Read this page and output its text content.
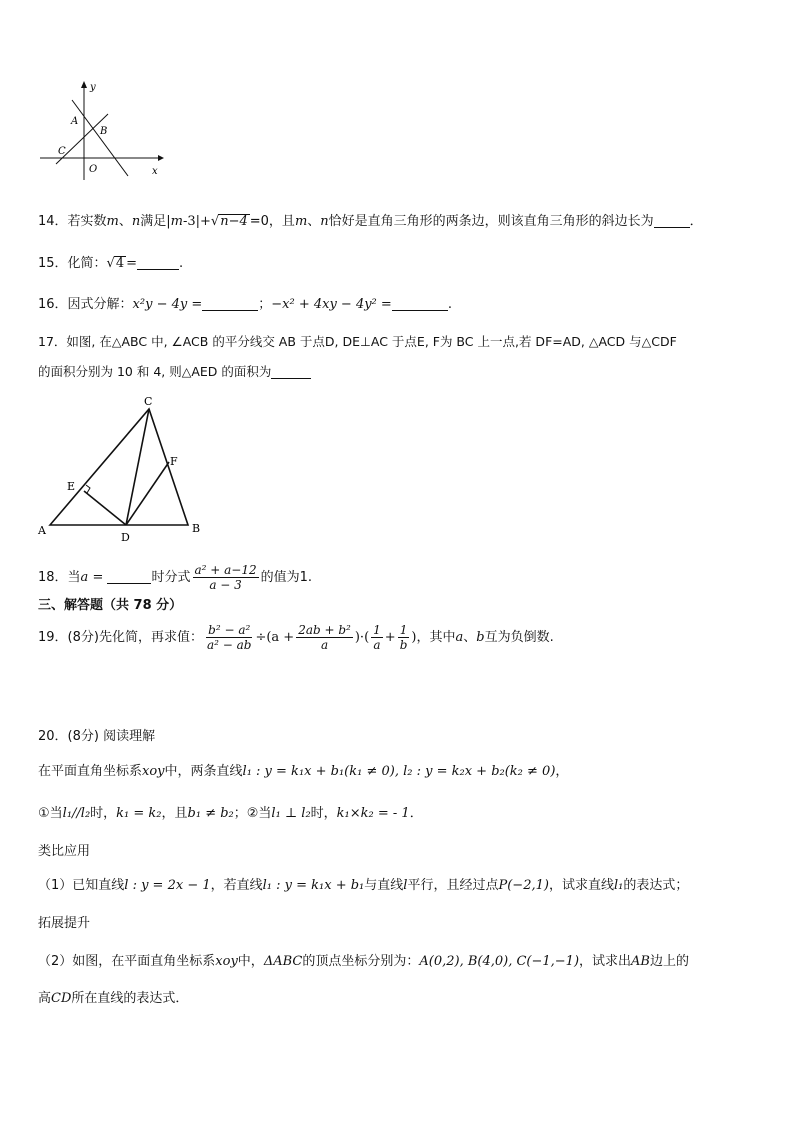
y
x
A
B
C
O
14．若实数m、n满足|m-3|+√n−4 =0，且m、n恰好是直角三角形的两条边，则该直角三角形的斜边长为	．
15．化简：√4 =	.
16．因式分解：x²y − 4y =	；−x² + 4xy − 4y² =	.
17．如图, 在△ABC 中, ∠ACB 的平分线交 AB 于点D, DE⊥AC 于点E, F为 BC 上一点,若 DF=AD, △ACD 与△CDF
的面积分别为 10 和 4, 则△AED 的面积为
A	B
C
D
E
F
18．当a =	时分式 $\frac{\text{a² + a−12}}{a - 3}$ 的值为1.
三、解答题（共 78 分）
19．(8分)先化简，再求值： $\frac{\text{b² − a²}}{\text{a² − ab}} \div(a + \frac{\text{2ab + b²}}{a}$ )·( $\frac{1}{a} + \frac{1}{b}$ )，其中a、b互为负倒数.
20．(8分) 阅读理解
在平面直角坐标系xoy中，两条直线l₁ : y = k₁x + b₁(k₁ ≠ 0), l₂ : y = k₂x + b₂(k₂ ≠ 0)，
①当l₁//l₂时，k₁ = k₂，且b₁ ≠ b₂；②当l₁ ⊥ l₂时，k₁×k₂ = - 1．
类比应用
（1）已知直线l : y = 2x − 1，若直线l₁ : y = k₁x + b₁与直线l平行，且经过点P(−2,1)，试求直线l₁的表达式；
拓展提升
（2）如图，在平面直角坐标系xoy中，ΔABC的顶点坐标分别为：A(0,2), B(4,0), C(−1,−1)，试求出AB边上的
高CD所在直线的表达式．
